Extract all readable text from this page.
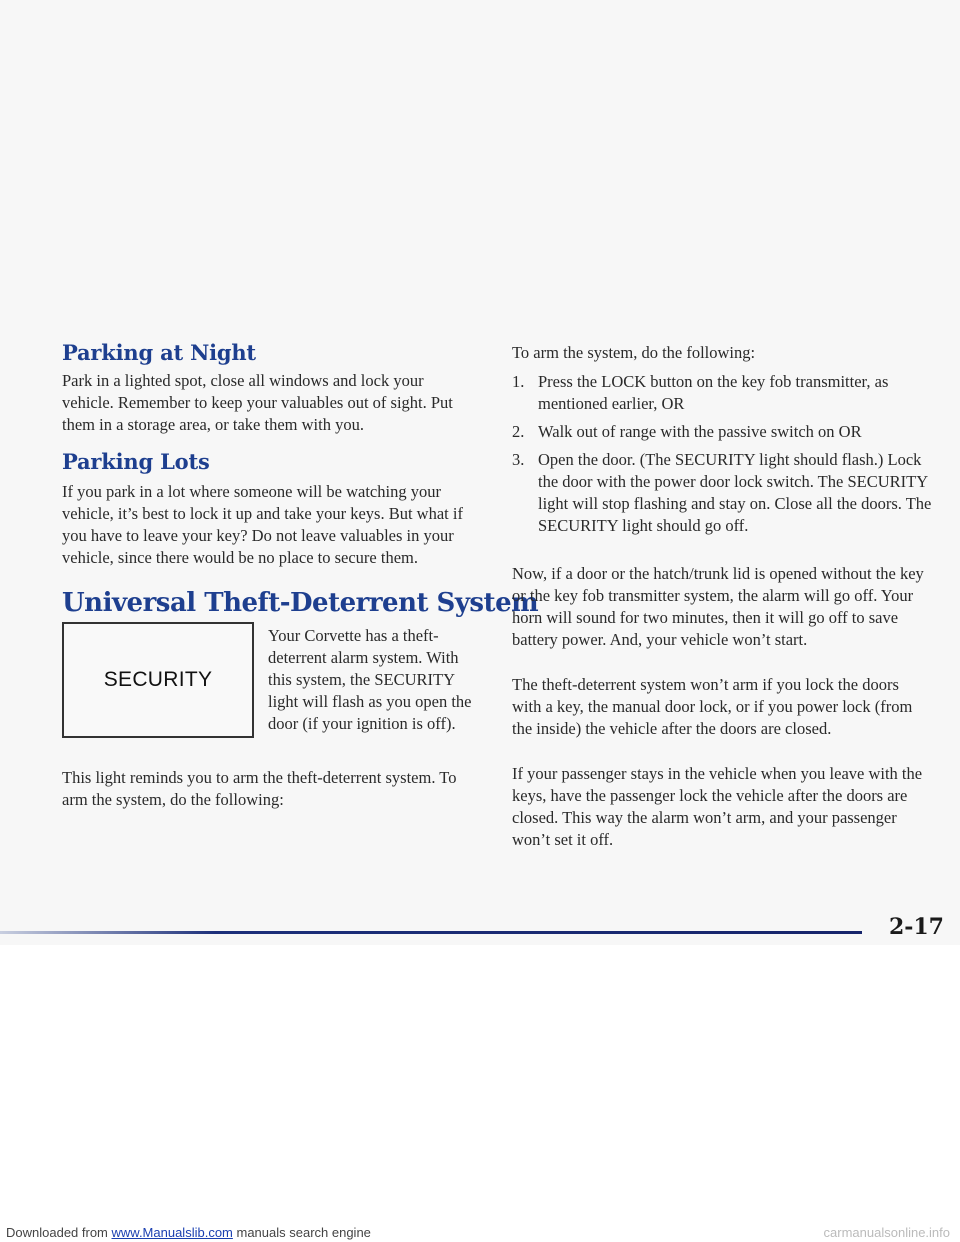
Parking at Night

Park in a lighted spot, close all windows and lock your vehicle. Remember to keep your valuables out of sight. Put them in a storage area, or take them with you.

Parking Lots

If you park in a lot where someone will be watching your vehicle, it’s best to lock it up and take your keys. But what if you have to leave your key? Do not leave valuables in your vehicle, since there would be no place to secure them.

Universal Theft-Deterrent System
SECURITY

Your Corvette has a theft-deterrent alarm system. With this system, the SECURITY light will flash as you open the door (if your ignition is off).

This light reminds you to arm the theft-deterrent system. To arm the system, do the following:

To arm the system, do the following:

1. Press the LOCK button on the key fob transmitter, as mentioned earlier, OR
2. Walk out of range with the passive switch on OR
3. Open the door. (The SECURITY light should flash.) Lock the door with the power door lock switch. The SECURITY light will stop flashing and stay on. Close all the doors. The SECURITY light should go off.

Now, if a door or the hatch/trunk lid is opened without the key or the key fob transmitter system, the alarm will go off. Your horn will sound for two minutes, then it will go off to save battery power. And, your vehicle won’t start.

The theft-deterrent system won’t arm if you lock the doors with a key, the manual door lock, or if you power lock (from the inside) the vehicle after the doors are closed.

If your passenger stays in the vehicle when you leave with the keys, have the passenger lock the vehicle after the doors are closed. This way the alarm won’t arm, and your passenger won’t set it off.

2-17
Downloaded from www.Manualslib.com manuals search engine	carmanualsonline.info
